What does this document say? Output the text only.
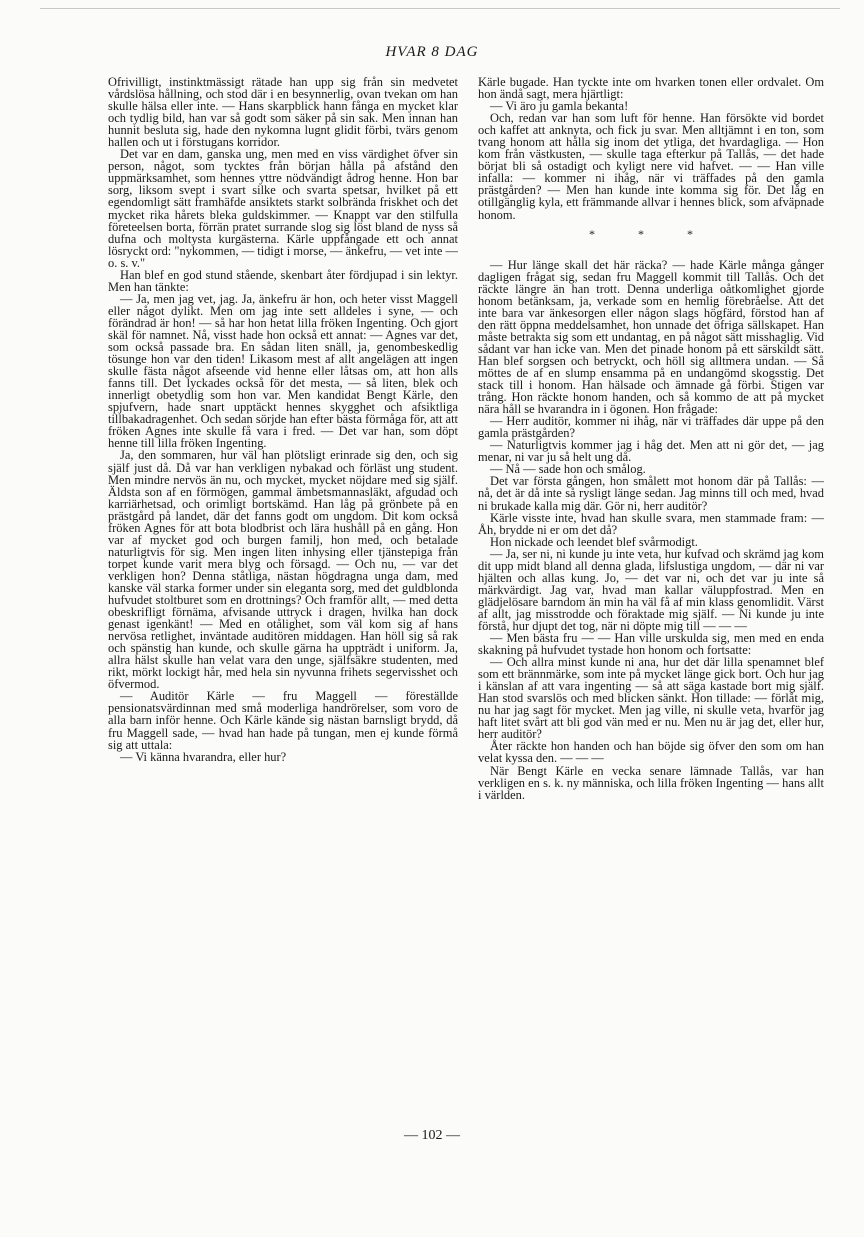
HVAR 8 DAG

Ofrivilligt, instinktmässigt rätade han upp sig från sin medvetet vårdslösa hållning, och stod där i en besynnerlig, ovan tvekan om han skulle hälsa eller inte. — Hans skarpblick hann fånga en mycket klar och tydlig bild, han var så godt som säker på sin sak. Men innan han hunnit besluta sig, hade den nykomna lugnt glidit förbi, tvärs genom hallen och ut i förstugans korridor.

Det var en dam, ganska ung, men med en viss värdighet öfver sin person, något, som tycktes från början hålla på afstånd den uppmärksamhet, som hennes yttre nödvändigt ådrog henne. Hon bar sorg, liksom svept i svart silke och svarta spetsar, hvilket på ett egendomligt sätt framhäfde ansiktets starkt solbrända friskhet och det mycket rika hårets bleka guldskimmer. — Knappt var den stilfulla företeelsen borta, förrän pratet surrande slog sig löst bland de nyss så dufna och moltysta kurgästerna. Kärle uppfångade ett och annat lösryckt ord: "nykommen, — tidigt i morse, — änkefru, — vet inte — o. s. v."

Han blef en god stund stående, skenbart åter fördjupad i sin lektyr. Men han tänkte:

— Ja, men jag vet, jag. Ja, änkefru är hon, och heter visst Maggell eller något dylikt. Men om jag inte sett alldeles i syne, — och förändrad är hon! — så har hon hetat lilla fröken Ingenting. Och gjort skäl för namnet. Nå, visst hade hon också ett annat: — Agnes var det, som också passade bra. En sådan liten snäll, ja, genombeskedlig tösunge hon var den tiden! Likasom mest af allt angelägen att ingen skulle fästa något afseende vid henne eller låtsas om, att hon alls fanns till. Det lyckades också för det mesta, — så liten, blek och innerligt obetydlig som hon var. Men kandidat Bengt Kärle, den spjufvern, hade snart upptäckt hennes skygghet och afsiktliga tillbakadragenhet. Och sedan sörjde han efter bästa förmåga för, att att fröken Agnes inte skulle få vara i fred. — Det var han, som döpt henne till lilla fröken Ingenting.

Ja, den sommaren, hur väl han plötsligt erinrade sig den, och sig själf just då. Då var han verkligen nybakad och förläst ung student. Men mindre nervös än nu, och mycket, mycket nöjdare med sig själf. Äldsta son af en förmögen, gammal ämbetsmannasläkt, afgudad och karriärhetsad, och orimligt bortskämd. Han låg på grönbete på en prästgård på landet, där det fanns godt om ungdom. Dit kom också fröken Agnes för att bota blodbrist och lära hushåll på en gång. Hon var af mycket god och burgen familj, hon med, och betalade naturligtvis för sig. Men ingen liten inhysing eller tjänstepiga från torpet kunde varit mera blyg och försagd. — Och nu, — var det verkligen hon? Denna ståtliga, nästan högdragna unga dam, med kanske väl starka former under sin eleganta sorg, med det guldblonda hufvudet stoltburet som en drottnings? Och framför allt, — med detta obeskrifligt förnäma, afvisande uttryck i dragen, hvilka han dock genast igenkänt! — Med en otålighet, som väl kom sig af hans nervösa retlighet, inväntade auditören middagen. Han höll sig så rak och spänstig han kunde, och skulle gärna ha uppträdt i uniform. Ja, allra hälst skulle han velat vara den unge, själfsäkre studenten, med rikt, mörkt lockigt hår, med hela sin nyvunna frihets segervisshet och öfvermod.

— Auditör Kärle — fru Maggell — föreställde pensionatsvärdinnan med små moderliga handrörelser, som voro de alla barn inför henne. Och Kärle kände sig nästan barnsligt brydd, då fru Maggell sade, — hvad han hade på tungan, men ej kunde förmå sig att uttala:

— Vi känna hvarandra, eller hur?

Kärle bugade. Han tyckte inte om hvarken tonen eller ordvalet. Om hon ändå sagt, mera hjärtligt:

— Vi äro ju gamla bekanta!

Och, redan var han som luft för henne. Han försökte vid bordet och kaffet att anknyta, och fick ju svar. Men alltjämnt i en ton, som tvang honom att hålla sig inom det ytliga, det hvardagliga. — Hon kom från västkusten, — skulle taga efterkur på Tallås, — det hade börjat bli så ostadigt och kyligt nere vid hafvet. — — Han ville infalla: — kommer ni ihåg, när vi träffades på den gamla prästgården? — Men han kunde inte komma sig för. Det låg en otillgänglig kyla, ett främmande allvar i hennes blick, som afväpnade honom.

* * *

— Hur länge skall det här räcka? — hade Kärle många gånger dagligen frågat sig, sedan fru Maggell kommit till Tallås. Och det räckte längre än han trott. Denna underliga oåtkomlighet gjorde honom betänksam, ja, verkade som en hemlig förebråelse. Att det inte bara var änkesorgen eller någon slags högfärd, förstod han af den rätt öppna meddelsamhet, hon unnade det öfriga sällskapet. Han måste betrakta sig som ett undantag, en på något sätt misshaglig. Vid sådant var han icke van. Men det pinade honom på ett särskildt sätt. Han blef sorgsen och betryckt, och höll sig alltmera undan. — Så möttes de af en slump ensamma på en undangömd skogsstig. Det stack till i honom. Han hälsade och ämnade gå förbi. Stigen var trång. Hon räckte honom handen, och så kommo de att på mycket nära håll se hvarandra in i ögonen. Hon frågade:

— Herr auditör, kommer ni ihåg, när vi träffades där uppe på den gamla prästgården?

— Naturligtvis kommer jag i håg det. Men att ni gör det, — jag menar, ni var ju så helt ung då.

— Nå — sade hon och smålog.

Det var första gången, hon smålett mot honom där på Tallås: — nå, det är då inte så rysligt länge sedan. Jag minns till och med, hvad ni brukade kalla mig där. Gör ni, herr auditör?

Kärle visste inte, hvad han skulle svara, men stammade fram: — Åh, brydde ni er om det då?

Hon nickade och leendet blef svårmodigt.

— Ja, ser ni, ni kunde ju inte veta, hur kufvad och skrämd jag kom dit upp midt bland all denna glada, lifslustiga ungdom, — där ni var hjälten och allas kung. Jo, — det var ni, och det var ju inte så märkvärdigt. Jag var, hvad man kallar väluppfostrad. Men en glädjelösare barndom än min ha väl få af min klass genomlidit. Värst af allt, jag misstrodde och föraktade mig själf. — Ni kunde ju inte förstå, hur djupt det tog, när ni döpte mig till — — —

— Men bästa fru — — Han ville urskulda sig, men med en enda skakning på hufvudet tystade hon honom och fortsatte:

— Och allra minst kunde ni ana, hur det där lilla spenamnet blef som ett brännmärke, som inte på mycket länge gick bort. Och hur jag i känslan af att vara ingenting — så att säga kastade bort mig själf. Han stod svarslös och med blicken sänkt. Hon tillade: — förlåt mig, nu har jag sagt för mycket. Men jag ville, ni skulle veta, hvarför jag haft litet svårt att bli god vän med er nu. Men nu är jag det, eller hur, herr auditör?

Åter räckte hon handen och han böjde sig öfver den som om han velat kyssa den. — — —

När Bengt Kärle en vecka senare lämnade Tallås, var han verkligen en s. k. ny människa, och lilla fröken Ingenting — hans allt i världen.

— 102 —
